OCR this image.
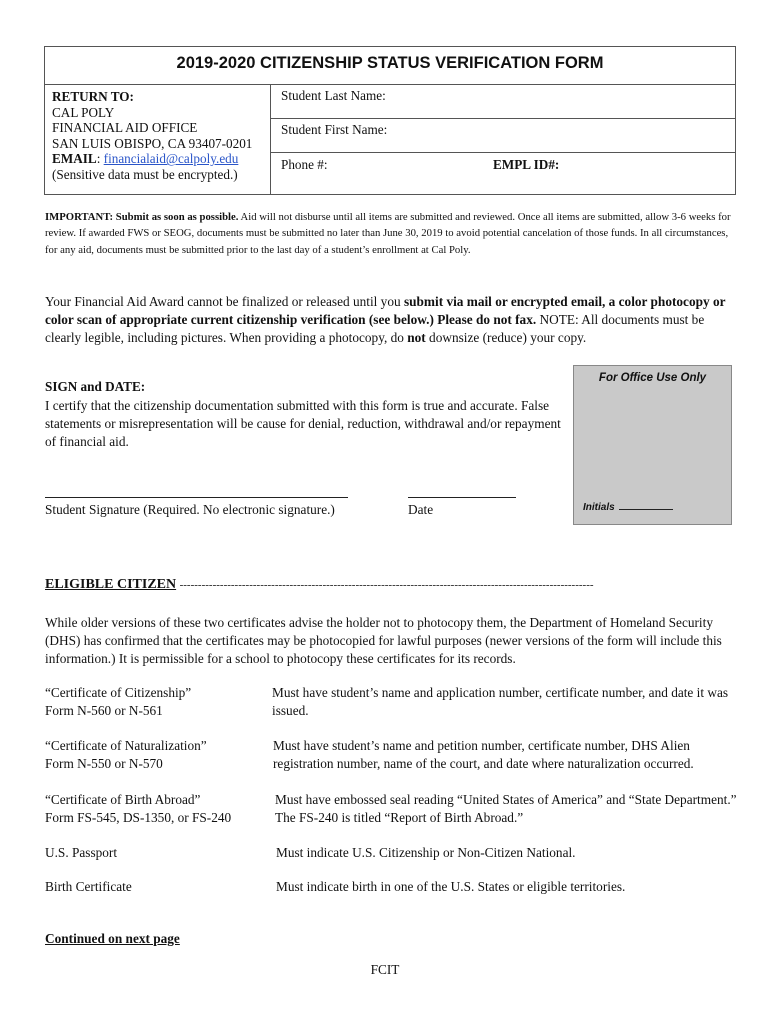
2019-2020 CITIZENSHIP STATUS VERIFICATION FORM
RETURN TO:
CAL POLY
FINANCIAL AID OFFICE
SAN LUIS OBISPO, CA 93407-0201
EMAIL: financialaid@calpoly.edu
(Sensitive data must be encrypted.)
Student Last Name:
Student First Name:
Phone #:	EMPL ID#:
IMPORTANT: Submit as soon as possible. Aid will not disburse until all items are submitted and reviewed. Once all items are submitted, allow 3-6 weeks for review. If awarded FWS or SEOG, documents must be submitted no later than June 30, 2019 to avoid potential cancelation of those funds. In all circumstances, for any aid, documents must be submitted prior to the last day of a student’s enrollment at Cal Poly.
Your Financial Aid Award cannot be finalized or released until you submit via mail or encrypted email, a color photocopy or color scan of appropriate current citizenship verification (see below.) Please do not fax. NOTE: All documents must be clearly legible, including pictures. When providing a photocopy, do not downsize (reduce) your copy.
SIGN and DATE:
I certify that the citizenship documentation submitted with this form is true and accurate. False statements or misrepresentation will be cause for denial, reduction, withdrawal and/or repayment of financial aid.
Student Signature (Required. No electronic signature.)	Date
For Office Use Only
Initials
ELIGIBLE CITIZEN -----------------------------------------------------------------------------------------------------------------
While older versions of these two certificates advise the holder not to photocopy them, the Department of Homeland Security (DHS) has confirmed that the certificates may be photocopied for lawful purposes (newer versions of the form will include this information.) It is permissible for a school to photocopy these certificates for its records.
“Certificate of Citizenship”
Form N-560 or N-561
Must have student’s name and application number, certificate number, and date it was issued.
“Certificate of Naturalization”
Form N-550 or N-570
Must have student’s name and petition number, certificate number, DHS Alien registration number, name of the court, and date where naturalization occurred.
“Certificate of Birth Abroad”
Form FS-545, DS-1350, or FS-240
Must have embossed seal reading “United States of America” and “State Department.” The FS-240 is titled “Report of Birth Abroad.”
U.S. Passport	Must indicate U.S. Citizenship or Non-Citizen National.
Birth Certificate	Must indicate birth in one of the U.S. States or eligible territories.
Continued on next page
FCIT
